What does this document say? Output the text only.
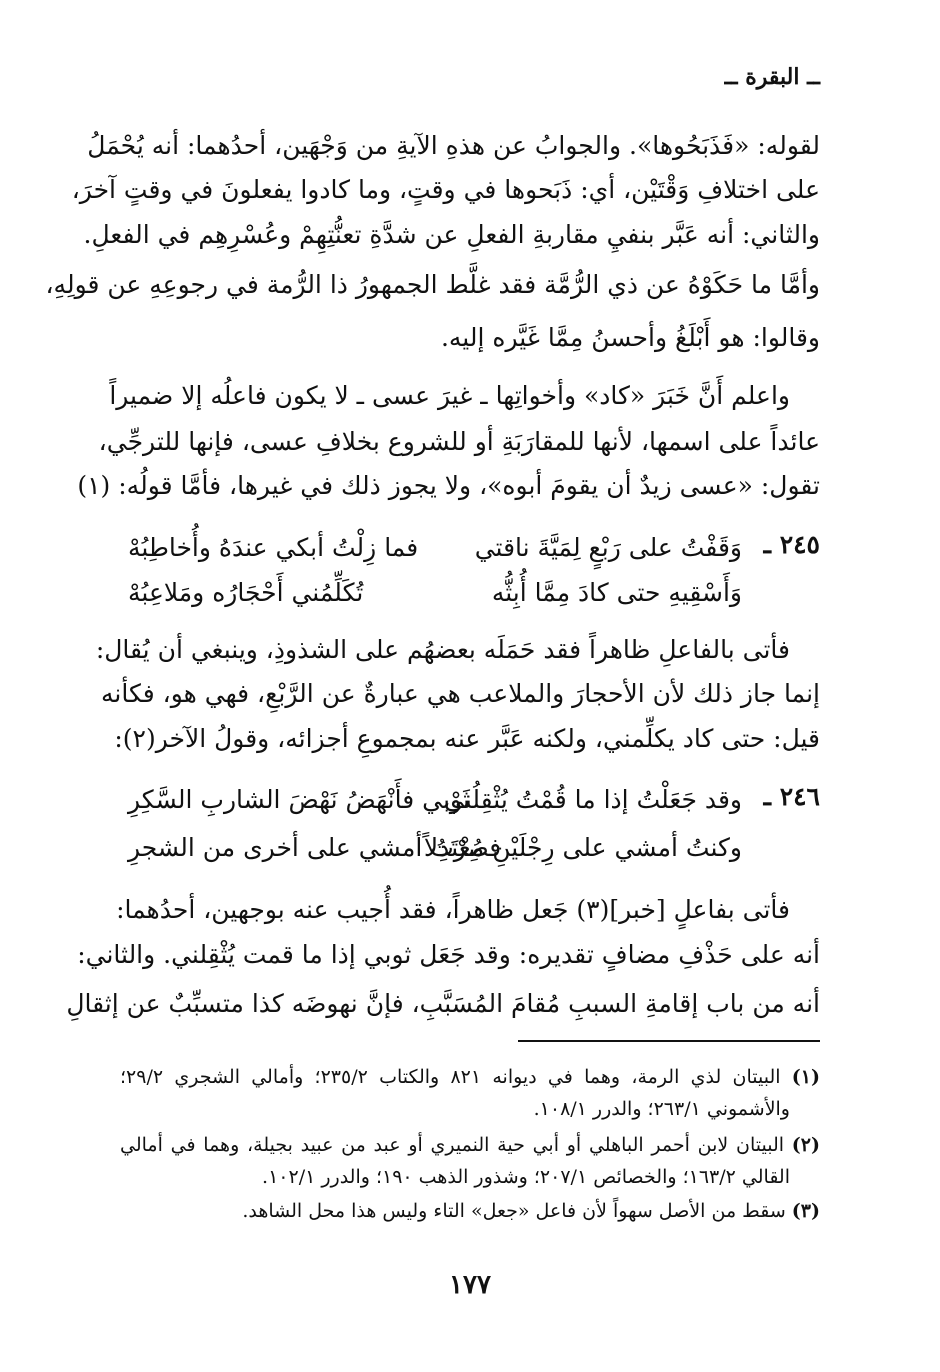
ــ البقرة ــ
لقوله: «فَذَبَحُوها». والجوابُ عن هذهِ الآيةِ من وَجْهَين، أحدُهما: أنه يُحْمَلُ
على اختلافِ وَقْتَيْن، أي: ذَبَحوها في وقتٍ، وما كادوا يفعلونَ في وقتٍ آخرَ،
والثاني: أنه عَبَّر بنفيِ مقاربةِ الفعلِ عن شدَّةِ تعنُّتِهِمْ وعُسْرِهِم في الفعلِ.
وأمَّا ما حَكَوْهُ عن ذي الرُّمَّة فقد غلَّط الجمهورُ ذا الرُّمة في رجوعِهِ عن قولِهِ،
وقالوا: هو أَبْلَغُ وأحسنُ مِمَّا غَيَّره إليه.
واعلم أَنَّ خَبَرَ «كاد» وأخواتِها ـ غيرَ عسى ـ لا يكون فاعلُه إلا ضميراً
عائداً على اسمها، لأنها للمقارَبَةِ أو للشروع بخلافِ عسى، فإنها للترجِّي،
تقول: «عسى زيدٌ أن يقومَ أبوه»، ولا يجوز ذلك في غيرها، فأمَّا قولُه: (١)
٢٤٥ ـ
وَقَفْتُ على رَبْعٍ لِمَيَّةَ ناقتي
فما زِلْتُ أبكي عندَهُ وأُخاطِبُهْ
وَأَسْقِيهِ حتى كادَ مِمَّا أُبِثُّه
تُكَلِّمُني أَحْجَارُه ومَلاعِبُهْ
فأتى بالفاعلِ ظاهراً فقد حَمَلَه بعضهُم على الشذوذِ، وينبغي أن يُقال:
إنما جاز ذلك لأن الأحجارَ والملاعب هي عبارةٌ عن الرَّبْعِ، فهي هو، فكأنه
قيل: حتى كاد يكلِّمني، ولكنه عَبَّر عنه بمجموعِ أجزائه، وقولُ الآخر(٢):
٢٤٦ ـ
وقد جَعَلْتُ إذا ما قُمْتُ يُثْقِلُني
ثَوْبي فأَنْهَضُ نَهْضَ الشاربِ السَّكِرِ
وكنتُ أمشي على رِجْلَيْنِ مُعْتَدِلاً
فصِرْتُ أمشي على أخرى من الشجرِ
فأتى بفاعلٍ [خبر](٣) جَعل ظاهراً، فقد أُجيب عنه بوجهين، أحدُهما:
أنه على حَذْفِ مضافٍ تقديره: وقد جَعَل ثوبي إذا ما قمت يُثْقِلني. والثاني:
أنه من باب إقامةِ السببِ مُقامَ المُسَبَّبِ، فإنَّ نهوضَه كذا متسبِّبٌ عن إثقالِ
(١) البيتان لذي الرمة، وهما في ديوانه ٨٢١ والكتاب ٢٣٥/٢؛ وأمالي الشجري ٢٩/٢؛
والأشموني ٢٦٣/١؛ والدرر ١٠٨/١.
(٢) البيتان لابن أحمر الباهلي أو أبي حية النميري أو عبد من عبيد بجيلة، وهما في أمالي
القالي ١٦٣/٢؛ والخصائص ٢٠٧/١؛ وشذور الذهب ١٩٠؛ والدرر ١٠٢/١.
(٣) سقط من الأصل سهواً لأن فاعل «جعل» التاء وليس هذا محل الشاهد.
١٧٧
